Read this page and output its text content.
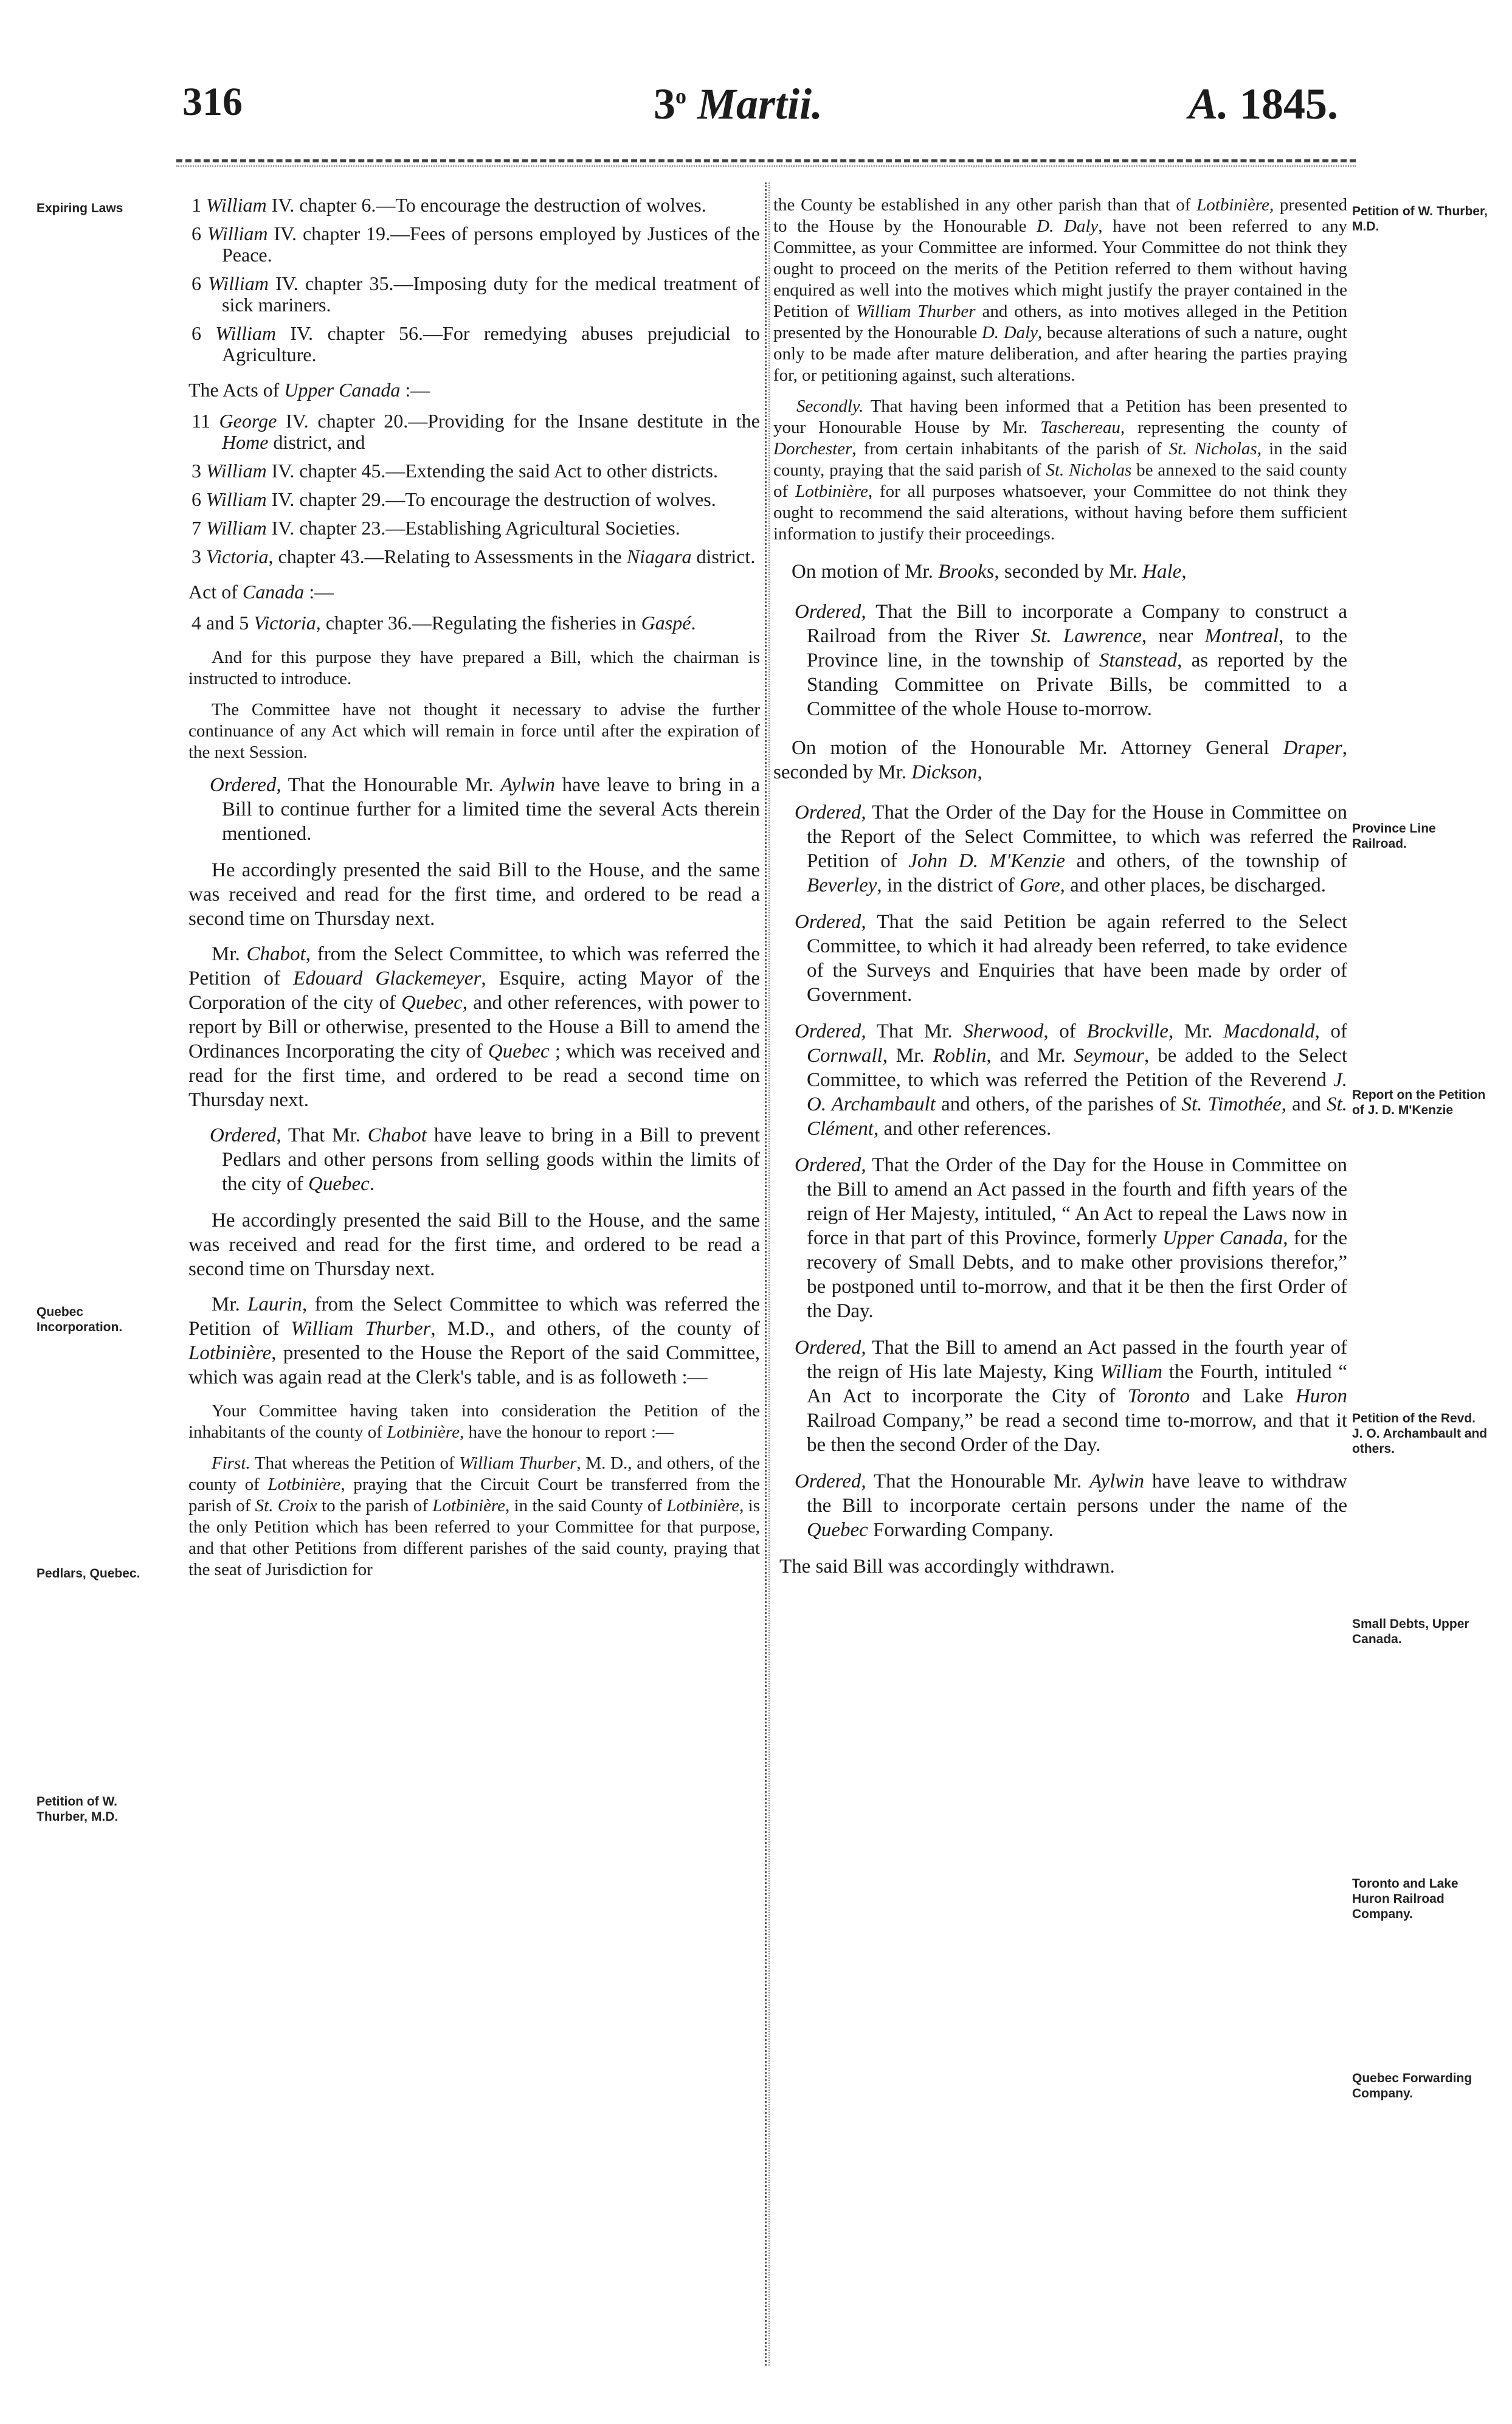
316	3$^o$ Martii.	A. 1845.
Expiring Laws
Quebec Incorporation.
Pedlars, Quebec.
Petition of W. Thurber, M.D.
Petition of W. Thurber, M.D.
Province Line Railroad.
Report on the Petition of J. D. M'Kenzie
Petition of the Revd. J. O. Archambault and others.
Small Debts, Upper Canada.
Toronto and Lake Huron Railroad Company.
Quebec Forwarding Company.

1 William IV. chapter 6.—To encourage the destruction of wolves.

6 William IV. chapter 19.—Fees of persons employed by Justices of the Peace.

6 William IV. chapter 35.—Imposing duty for the medical treatment of sick mariners.

6 William IV. chapter 56.—For remedying abuses prejudicial to Agriculture.

The Acts of Upper Canada :—

11 George IV. chapter 20.—Providing for the Insane destitute in the Home district, and

3 William IV. chapter 45.—Extending the said Act to other districts.

6 William IV. chapter 29.—To encourage the destruction of wolves.

7 William IV. chapter 23.—Establishing Agricultural Societies.

3 Victoria, chapter 43.—Relating to Assessments in the Niagara district.

Act of Canada :—

4 and 5 Victoria, chapter 36.—Regulating the fisheries in Gaspé.

And for this purpose they have prepared a Bill, which the chairman is instructed to introduce.

The Committee have not thought it necessary to advise the further continuance of any Act which will remain in force until after the expiration of the next Session.

Ordered, That the Honourable Mr. Aylwin have leave to bring in a Bill to continue further for a limited time the several Acts therein mentioned.

He accordingly presented the said Bill to the House, and the same was received and read for the first time, and ordered to be read a second time on Thursday next.

Mr. Chabot, from the Select Committee, to which was referred the Petition of Edouard Glackemeyer, Esquire, acting Mayor of the Corporation of the city of Quebec, and other references, with power to report by Bill or otherwise, presented to the House a Bill to amend the Ordinances Incorporating the city of Quebec ; which was received and read for the first time, and ordered to be read a second time on Thursday next.

Ordered, That Mr. Chabot have leave to bring in a Bill to prevent Pedlars and other persons from selling goods within the limits of the city of Quebec.

He accordingly presented the said Bill to the House, and the same was received and read for the first time, and ordered to be read a second time on Thursday next.

Mr. Laurin, from the Select Committee to which was referred the Petition of William Thurber, M.D., and others, of the county of Lotbinière, presented to the House the Report of the said Committee, which was again read at the Clerk's table, and is as followeth :—

Your Committee having taken into consideration the Petition of the inhabitants of the county of Lotbinière, have the honour to report :—

First. That whereas the Petition of William Thurber, M. D., and others, of the county of Lotbinière, praying that the Circuit Court be transferred from the parish of St. Croix to the parish of Lotbinière, in the said County of Lotbinière, is the only Petition which has been referred to your Committee for that purpose, and that other Petitions from different parishes of the said county, praying that the seat of Jurisdiction for

the County be established in any other parish than that of Lotbinière, presented to the House by the Honourable D. Daly, have not been referred to any Committee, as your Committee are informed. Your Committee do not think they ought to proceed on the merits of the Petition referred to them without having enquired as well into the motives which might justify the prayer contained in the Petition of William Thurber and others, as into motives alleged in the Petition presented by the Honourable D. Daly, because alterations of such a nature, ought only to be made after mature deliberation, and after hearing the parties praying for, or petitioning against, such alterations.

Secondly. That having been informed that a Petition has been presented to your Honourable House by Mr. Taschereau, representing the county of Dorchester, from certain inhabitants of the parish of St. Nicholas, in the said county, praying that the said parish of St. Nicholas be annexed to the said county of Lotbinière, for all purposes whatsoever, your Committee do not think they ought to recommend the said alterations, without having before them sufficient information to justify their proceedings.

On motion of Mr. Brooks, seconded by Mr. Hale,

Ordered, That the Bill to incorporate a Company to construct a Railroad from the River St. Lawrence, near Montreal, to the Province line, in the township of Stanstead, as reported by the Standing Committee on Private Bills, be committed to a Committee of the whole House to-morrow.

On motion of the Honourable Mr. Attorney General Draper, seconded by Mr. Dickson,

Ordered, That the Order of the Day for the House in Committee on the Report of the Select Committee, to which was referred the Petition of John D. M'Kenzie and others, of the township of Beverley, in the district of Gore, and other places, be discharged.

Ordered, That the said Petition be again referred to the Select Committee, to which it had already been referred, to take evidence of the Surveys and Enquiries that have been made by order of Government.

Ordered, That Mr. Sherwood, of Brockville, Mr. Macdonald, of Cornwall, Mr. Roblin, and Mr. Seymour, be added to the Select Committee, to which was referred the Petition of the Reverend J. O. Archambault and others, of the parishes of St. Timothée, and St. Clément, and other references.

Ordered, That the Order of the Day for the House in Committee on the Bill to amend an Act passed in the fourth and fifth years of the reign of Her Majesty, intituled, “ An Act to repeal the Laws now in force in that part of this Province, formerly Upper Canada, for the recovery of Small Debts, and to make other provisions therefor,” be postponed until to-morrow, and that it be then the first Order of the Day.

Ordered, That the Bill to amend an Act passed in the fourth year of the reign of His late Majesty, King William the Fourth, intituled “ An Act to incorporate the City of Toronto and Lake Huron Railroad Company,” be read a second time to-morrow, and that it be then the second Order of the Day.

Ordered, That the Honourable Mr. Aylwin have leave to withdraw the Bill to incorporate certain persons under the name of the Quebec Forwarding Company.

The said Bill was accordingly withdrawn.
